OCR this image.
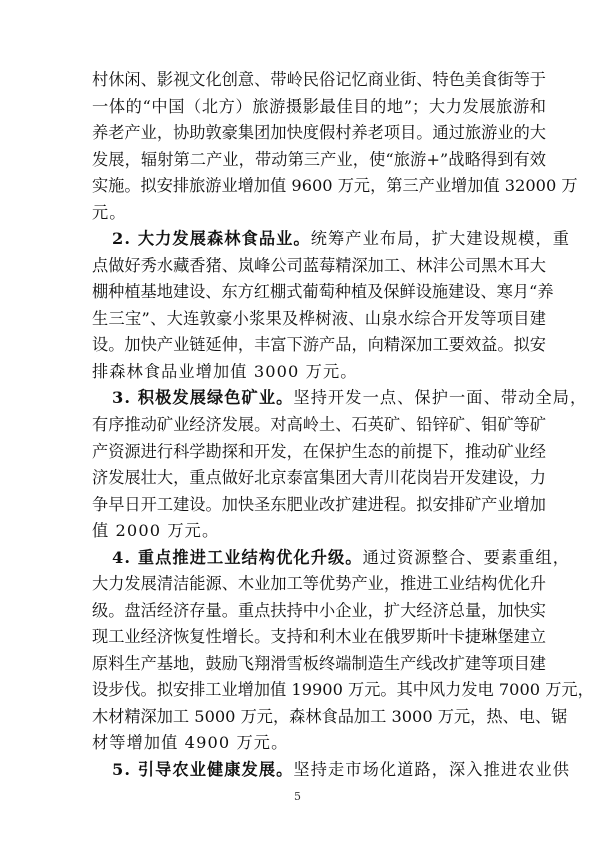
村休闲、影视文化创意、带岭民俗记忆商业街、特色美食街等于
一体的“中国（北方）旅游摄影最佳目的地”；大力发展旅游和
养老产业，协助敦豪集团加快度假村养老项目。通过旅游业的大
发展，辐射第二产业，带动第三产业，使“旅游+”战略得到有效
实施。拟安排旅游业增加值 9600 万元，第三产业增加值 32000 万
元。
2. 大力发展森林食品业。统筹产业布局，扩大建设规模，重
点做好秀水藏香猪、岚峰公司蓝莓精深加工、林沣公司黑木耳大
棚种植基地建设、东方红棚式葡萄种植及保鲜设施建设、寒月“养
生三宝”、大连敦豪小浆果及桦树液、山泉水综合开发等项目建
设。加快产业链延伸，丰富下游产品，向精深加工要效益。拟安
排森林食品业增加值 3000 万元。
3. 积极发展绿色矿业。坚持开发一点、保护一面、带动全局，
有序推动矿业经济发展。对高岭土、石英矿、铅锌矿、钼矿等矿
产资源进行科学勘探和开发，在保护生态的前提下，推动矿业经
济发展壮大，重点做好北京泰富集团大青川花岗岩开发建设，力
争早日开工建设。加快圣东肥业改扩建进程。拟安排矿产业增加
值 2000 万元。
4. 重点推进工业结构优化升级。通过资源整合、要素重组，
大力发展清洁能源、木业加工等优势产业，推进工业结构优化升
级。盘活经济存量。重点扶持中小企业，扩大经济总量，加快实
现工业经济恢复性增长。支持和利木业在俄罗斯叶卡捷琳堡建立
原料生产基地，鼓励飞翔滑雪板终端制造生产线改扩建等项目建
设步伐。拟安排工业增加值 19900 万元。其中风力发电 7000 万元，
木材精深加工 5000 万元，森林食品加工 3000 万元，热、电、锯
材等增加值 4900 万元。
5. 引导农业健康发展。坚持走市场化道路，深入推进农业供
5
